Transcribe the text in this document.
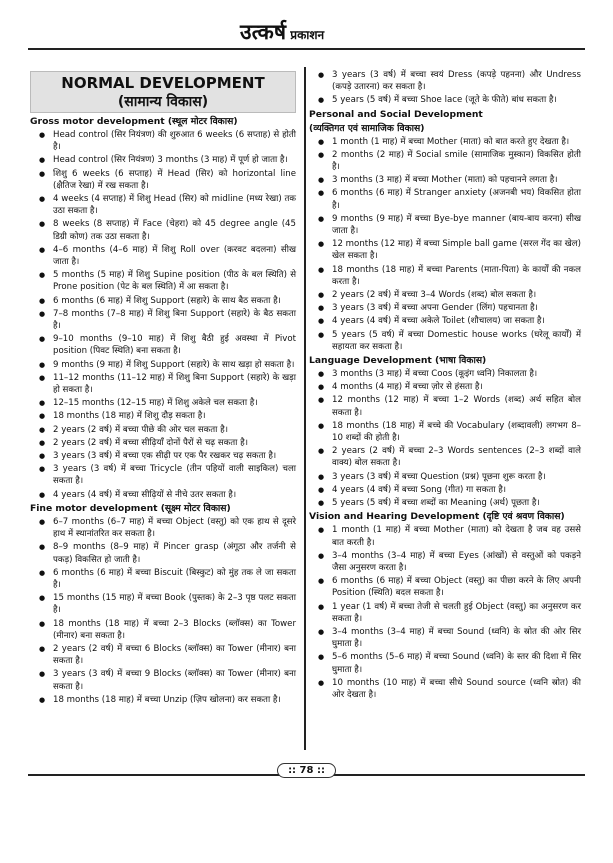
उत्कर्ष प्रकाशन
NORMAL DEVELOPMENT
(सामान्य विकास)
Gross motor development (स्थूल मोटर विकास)
● Head control (सिर नियंत्रण) की शुरुआत 6 weeks (6 सप्ताह) से होती है।
● Head control (सिर नियंत्रण) 3 months (3 माह) में पूर्ण हो जाता है।
● शिशु 6 weeks (6 सप्ताह) में Head (सिर) को horizontal line (क्षैतिज रेखा) में रख सकता है।
● 4 weeks (4 सप्ताह) में शिशु Head (सिर) को midline (मध्य रेखा) तक उठा सकता है।
● 8 weeks (8 सप्ताह) में Face (चेहरा) को 45 degree angle (45 डिग्री कोण) तक उठा सकता है।
● 4–6 months (4–6 माह) में शिशु Roll over (करवट बदलना) सीख जाता है।
● 5 months (5 माह) में शिशु Supine position (पीठ के बल स्थिति) से Prone position (पेट के बल स्थिति) में आ सकता है।
● 6 months (6 माह) में शिशु Support (सहारे) के साथ बैठ सकता है।
● 7–8 months (7–8 माह) में शिशु बिना Support (सहारे) के बैठ सकता है।
● 9–10 months (9–10 माह) में शिशु बैठी हुई अवस्था में Pivot position (पिवट स्थिति) बना सकता है।
● 9 months (9 माह) में शिशु Support (सहारे) के साथ खड़ा हो सकता है।
● 11–12 months (11–12 माह) में शिशु बिना Support (सहारे) के खड़ा हो सकता है।
● 12–15 months (12–15 माह) में शिशु अकेले चल सकता है।
● 18 months (18 माह) में शिशु दौड़ सकता है।
● 2 years (2 वर्ष) में बच्चा पीछे की ओर चल सकता है।
● 2 years (2 वर्ष) में बच्चा सीढ़ियाँ दोनों पैरों से चढ़ सकता है।
● 3 years (3 वर्ष) में बच्चा एक सीढ़ी पर एक पैर रखकर चढ़ सकता है।
● 3 years (3 वर्ष) में बच्चा Tricycle (तीन पहियों वाली साइकिल) चला सकता है।
● 4 years (4 वर्ष) में बच्चा सीढ़ियों से नीचे उतर सकता है।
Fine motor development (सूक्ष्म मोटर विकास)
● 6–7 months (6–7 माह) में बच्चा Object (वस्तु) को एक हाथ से दूसरे हाथ में स्थानांतरित कर सकता है।
● 8–9 months (8–9 माह) में Pincer grasp (अंगूठा और तर्जनी से पकड़) विकसित हो जाती है।
● 6 months (6 माह) में बच्चा Biscuit (बिस्कुट) को मुंह तक ले जा सकता है।
● 15 months (15 माह) में बच्चा Book (पुस्तक) के 2–3 पृष्ठ पलट सकता है।
● 18 months (18 माह) में बच्चा 2–3 Blocks (ब्लॉक्स) का Tower (मीनार) बना सकता है।
● 2 years (2 वर्ष) में बच्चा 6 Blocks (ब्लॉक्स) का Tower (मीनार) बना सकता है।
● 3 years (3 वर्ष) में बच्चा 9 Blocks (ब्लॉक्स) का Tower (मीनार) बना सकता है।
● 18 months (18 माह) में बच्चा Unzip (ज़िप खोलना) कर सकता है।
● 3 years (3 वर्ष) में बच्चा स्वयं Dress (कपड़े पहनना) और Undress (कपड़े उतारना) कर सकता है।
● 5 years (5 वर्ष) में बच्चा Shoe lace (जूते के फीते) बांध सकता है।
Personal and Social Development
(व्यक्तिगत एवं सामाजिक विकास)
● 1 month (1 माह) में बच्चा Mother (माता) को बात करते हुए देखता है।
● 2 months (2 माह) में Social smile (सामाजिक मुस्कान) विकसित होती है।
● 3 months (3 माह) में बच्चा Mother (माता) को पहचानने लगता है।
● 6 months (6 माह) में Stranger anxiety (अजनबी भय) विकसित होता है।
● 9 months (9 माह) में बच्चा Bye-bye manner (बाय-बाय करना) सीख जाता है।
● 12 months (12 माह) में बच्चा Simple ball game (सरल गेंद का खेल) खेल सकता है।
● 18 months (18 माह) में बच्चा Parents (माता-पिता) के कार्यों की नकल करता है।
● 2 years (2 वर्ष) में बच्चा 3–4 Words (शब्द) बोल सकता है।
● 3 years (3 वर्ष) में बच्चा अपना Gender (लिंग) पहचानता है।
● 4 years (4 वर्ष) में बच्चा अकेले Toilet (शौचालय) जा सकता है।
● 5 years (5 वर्ष) में बच्चा Domestic house works (घरेलू कार्यों) में सहायता कर सकता है।
Language Development (भाषा विकास)
● 3 months (3 माह) में बच्चा Coos (कूइंग ध्वनि) निकालता है।
● 4 months (4 माह) में बच्चा ज़ोर से हंसता है।
● 12 months (12 माह) में बच्चा 1–2 Words (शब्द) अर्थ सहित बोल सकता है।
● 18 months (18 माह) में बच्चे की Vocabulary (शब्दावली) लगभग 8–10 शब्दों की होती है।
● 2 years (2 वर्ष) में बच्चा 2–3 Words sentences (2–3 शब्दों वाले वाक्य) बोल सकता है।
● 3 years (3 वर्ष) में बच्चा Question (प्रश्न) पूछना शुरू करता है।
● 4 years (4 वर्ष) में बच्चा Song (गीत) गा सकता है।
● 5 years (5 वर्ष) में बच्चा शब्दों का Meaning (अर्थ) पूछता है।
Vision and Hearing Development (दृष्टि एवं श्रवण विकास)
● 1 month (1 माह) में बच्चा Mother (माता) को देखता है जब वह उससे बात करती है।
● 3–4 months (3–4 माह) में बच्चा Eyes (आंखों) से वस्तुओं को पकड़ने जैसा अनुसरण करता है।
● 6 months (6 माह) में बच्चा Object (वस्तु) का पीछा करने के लिए अपनी Position (स्थिति) बदल सकता है।
● 1 year (1 वर्ष) में बच्चा तेजी से चलती हुई Object (वस्तु) का अनुसरण कर सकता है।
● 3–4 months (3–4 माह) में बच्चा Sound (ध्वनि) के स्रोत की ओर सिर घुमाता है।
● 5–6 months (5–6 माह) में बच्चा Sound (ध्वनि) के स्तर की दिशा में सिर घुमाता है।
● 10 months (10 माह) में बच्चा सीधे Sound source (ध्वनि स्रोत) की ओर देखता है।
:: 78 ::
